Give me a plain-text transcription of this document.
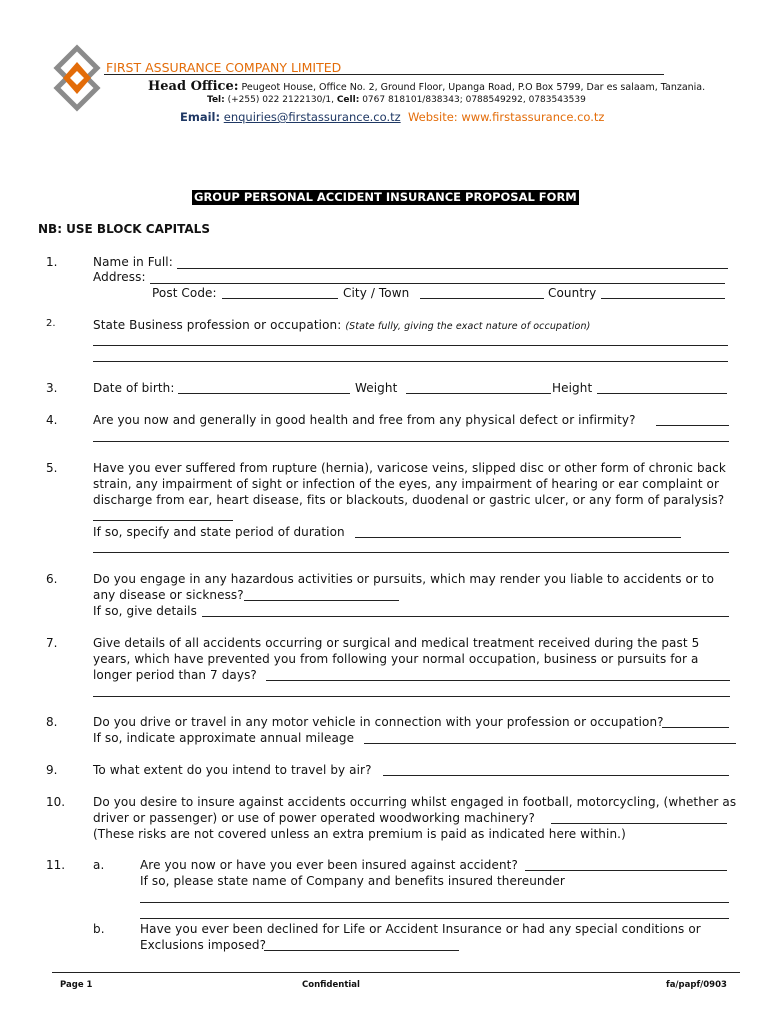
FIRST ASSURANCE COMPANY LIMITED
Head Office: Peugeot House, Office No. 2, Ground Floor, Upanga Road, P.O Box 5799, Dar es salaam, Tanzania.
Tel: (+255) 022 2122130/1, Cell: 0767 818101/838343; 0788549292, 0783543539
Email: enquiries@firstassurance.co.tz Website: www.firstassurance.co.tz
GROUP PERSONAL ACCIDENT INSURANCE PROPOSAL FORM
NB: USE BLOCK CAPITALS
1.	Name in Full:
Address:
Post Code:	City / Town	Country
2.	State Business profession or occupation: (State fully, giving the exact nature of occupation)
3.	Date of birth:	Weight	Height
4.	Are you now and generally in good health and free from any physical defect or infirmity?
5.	Have you ever suffered from rupture (hernia), varicose veins, slipped disc or other form of chronic back
strain, any impairment of sight or infection of the eyes, any impairment of hearing or ear complaint or
discharge from ear, heart disease, fits or blackouts, duodenal or gastric ulcer, or any form of paralysis?
If so, specify and state period of duration
6.	Do you engage in any hazardous activities or pursuits, which may render you liable to accidents or to
any disease or sickness?
If so, give details
7.	Give details of all accidents occurring or surgical and medical treatment received during the past 5
years, which have prevented you from following your normal occupation, business or pursuits for a
longer period than 7 days?
8.	Do you drive or travel in any motor vehicle in connection with your profession or occupation?
If so, indicate approximate annual mileage
9.	To what extent do you intend to travel by air?
10. Do you desire to insure against accidents occurring whilst engaged in football, motorcycling, (whether as
driver or passenger) or use of power operated woodworking machinery?
(These risks are not covered unless an extra premium is paid as indicated here within.)
11. a.	Are you now or have you ever been insured against accident?
If so, please state name of Company and benefits insured thereunder
b.	Have you ever been declined for Life or Accident Insurance or had any special conditions or
Exclusions imposed?
Page 1	Confidential	fa/papf/0903
